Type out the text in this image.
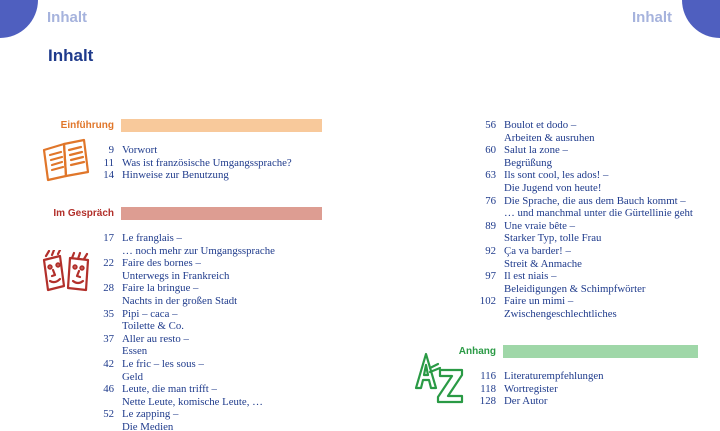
Inhalt	Inhalt
Inhalt
Einführung
9 Vorwort
11 Was ist französische Umgangssprache?
14 Hinweise zur Benutzung
Im Gespräch
17 Le franglais –
… noch mehr zur Umgangssprache
22 Faire des bornes –
Unterwegs in Frankreich
28 Faire la bringue –
Nachts in der großen Stadt
35 Pipi – caca –
Toilette & Co.
37 Aller au resto –
Essen
42 Le fric – les sous –
Geld
46 Leute, die man trifft –
Nette Leute, komische Leute, …
52 Le zapping –
Die Medien
56 Boulot et dodo –
Arbeiten & ausruhen
60 Salut la zone –
Begrüßung
63 Ils sont cool, les ados! –
Die Jugend von heute!
76 Die Sprache, die aus dem Bauch kommt –
… und manchmal unter die Gürtellinie geht
89 Une vraie bête –
Starker Typ, tolle Frau
92 Ça va barder! –
Streit & Anmache
97 Il est niais –
Beleidigungen & Schimpfwörter
102 Faire un mimi –
Zwischengeschlechtliches
Anhang
116 Literaturempfehlungen
118 Wortregister
128 Der Autor
